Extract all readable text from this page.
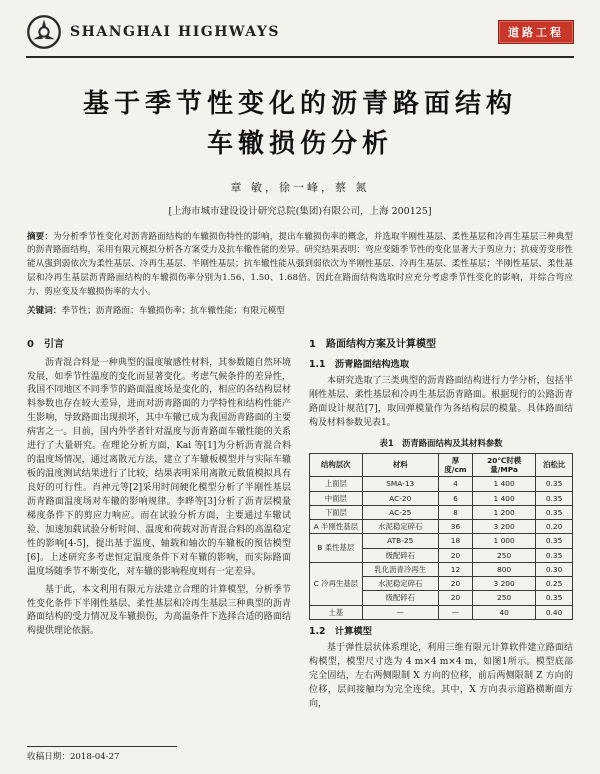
SHANGHAI HIGHWAYS	道路工程
基于季节性变化的沥青路面结构
车辙损伤分析
章 敏，徐一峰，蔡 氮
[上海市城市建设设计研究总院(集团)有限公司，上海 200125]
摘要：为分析季节性变化对沥青路面结构的车辙损伤特性的影响，提出车辙损伤率的概念，并选取半刚性基层、柔性基层和冷再生基层三种典型的沥青路面结构，采用有限元模拟分析各方案受力及抗车辙性能的差异。研究结果表明：弯应变随季节性的变化显著大于剪应力；抗疲劳变形性能从强到弱依次为柔性基层、冷再生基层、半刚性基层；抗车辙性能从强到弱依次为半刚性基层、冷再生基层、柔性基层；半刚性基层、柔性基层和冷再生基层沥青路面结构的车辙损伤率分别为1.56、1.50、1.68倍。因此在路面结构选取时应充分考虑季节性变化的影响，并综合弯应力、剪应变及车辙损伤率的大小。
关键词：季节性；沥青路面；车辙损伤率；抗车辙性能；有限元模型
0　引言

沥青混合料是一种典型的温度敏感性材料，其参数随自然环境发展，如季节性温度的变化而显著变化。考虑气候条件的差异性，我国不同地区不同季节的路面温度场是变化的，相应的各结构层材料参数也存在较大差异，进而对沥青路面的力学特性和结构性能产生影响，导致路面出现损坏，其中车辙已成为我国沥青路面的主要病害之一。目前，国内外学者针对温度与沥青路面车辙性能的关系进行了大量研究。在理论分析方面，Kai 等[1]为分析沥青混合料的温度场情况，通过离散元方法，建立了车辙板模型并与实际车辙板的温度测试结果进行了比较，结果表明采用离散元数值模拟具有良好的可行性。肖神元等[2]采用时间硬化模型分析了半刚性基层沥青路面温度场对车辙的影响规律。李晔等[3]分析了沥青层模量梯度条件下的剪应力响应。而在试验分析方面，主要通过车辙试验、加速加载试验分析时间、温度和荷载对沥青混合料的高温稳定性的影响[4-5]，提出基于温度、轴载和轴次的车辙板的预估模型[6]。上述研究多考虑恒定温度条件下对车辙的影响，而实际路面温度场随季节不断变化，对车辙的影响程度则有一定差异。

基于此，本文利用有限元方法建立合理的计算模型，分析季节性变化条件下半刚性基层、柔性基层和冷再生基层三种典型的沥青路面结构的受力情况及车辙损伤，为高温条件下选择合适的路面结构提供理论依据。

1　路面结构方案及计算模型
1.1　沥青路面结构选取

本研究选取了三类典型的沥青路面结构进行力学分析，包括半刚性基层、柔性基层和冷再生基层沥青路面。根据现行的公路沥青路面设计规范[7]，取回弹模量作为各结构层的模量。具体路面结构及材料参数见表1。

表1　沥青路面结构及其材料参数
结构层次	材料	厚度/cm	20℃时模量/MPa	泊松比
上面层	SMA-13	4	1 400	0.35
中面层	AC-20	6	1 400	0.35
下面层	AC-25	8	1 200	0.35
A 半刚性基层	水泥稳定碎石	36	3 200	0.20
B 柔性基层	ATB-25	18	1 000	0.35
	级配碎石	20	250	0.35
C 冷再生基层	乳化沥青冷再生	12	800	0.30
	水泥稳定碎石	20	3 200	0.25
	级配碎石	20	250	0.35
土基	—	—	40	0.40
1.2　计算模型

基于弹性层状体系理论，利用三维有限元计算软件建立路面结构模型，模型尺寸选为 4 m×4 m×4 m，如图1所示。模型底部完全固结，左右两侧限制 X 方向的位移，前后两侧限制 Z 方向的位移，层间接触均为完全连续。其中，X 方向表示道路横断面方向，

收稿日期：2018-04-27
